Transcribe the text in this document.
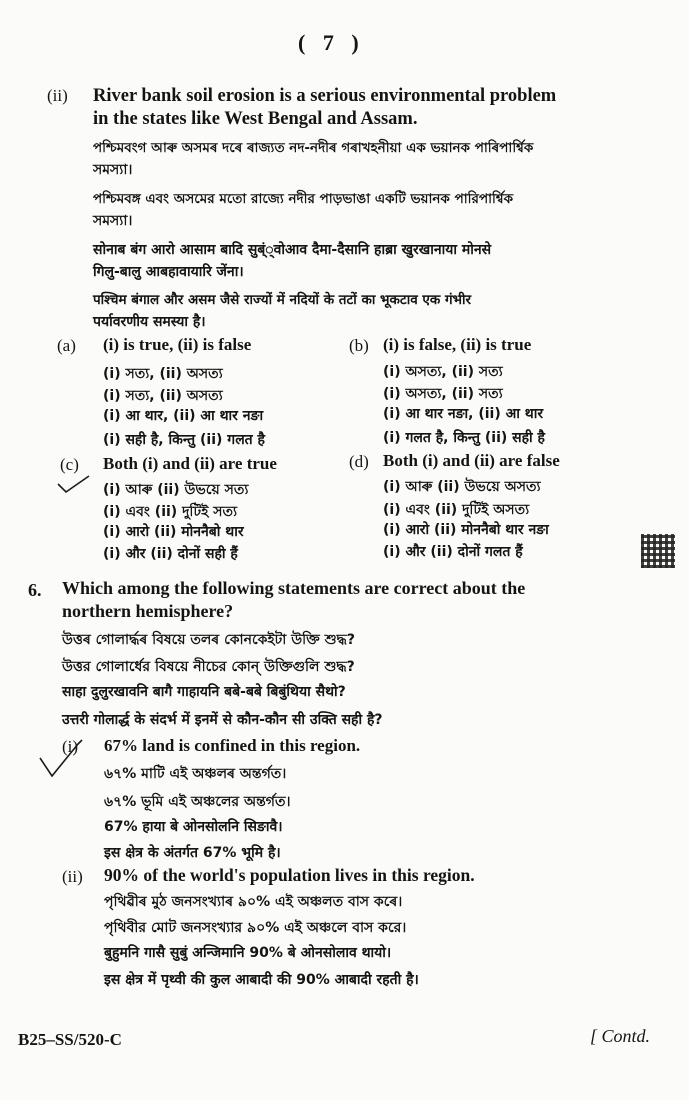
( 7 )
(ii) River bank soil erosion is a serious environmental problem
in the states like West Bengal and Assam.
পশ্চিমবংগ আৰু অসমৰ দৰে ৰাজ্যত নদ-নদীৰ গৰাখহনীয়া এক ভয়ানক পাৰিপাৰ্শ্বিক
সমস্যা।
পশ্চিমবঙ্গ এবং অসমের মতো রাজ্যে নদীর পাড়ভাঙা একটি ভয়ানক পারিপার্শ্বিক
সমস্যা।
सोनाब बंग आरो आसाम बादि सुब्ं्‍वोआव दैमा-दैसानि हाब्रा खुरखानाया मोनसे
गिलु-बालु आबहावायारि जेंना।
पश्चिम बंगाल और असम जैसे राज्यों में नदियों के तटों का भूकटाव एक गंभीर
पर्यावरणीय समस्या है।
(a) (i) is true, (ii) is false
(i) সত্য, (ii) অসত্য
(i) সত্য, (ii) অসত্য
(i) आ थार, (ii) आ थार नङा
(i) सही है, किन्तु (ii) गलत है
(b) (i) is false, (ii) is true
(i) অসত্য, (ii) সত্য
(i) অসত্য, (ii) সত্য
(i) आ थार नङा, (ii) आ थार
(i) गलत है, किन्तु (ii) सही है
(c) Both (i) and (ii) are true
(i) আৰু (ii) উভয়ে সত্য
(i) এবং (ii) দুটিই সত্য
(i) आरो (ii) मोननैबो थार
(i) और (ii) दोनों सही हैं
(d) Both (i) and (ii) are false
(i) আৰু (ii) উভয়ে অসত্য
(i) এবং (ii) দুটিই অসত্য
(i) आरो (ii) मोननैबो थार नङा
(i) और (ii) दोनों गलत हैं
6. Which among the following statements are correct about the
northern hemisphere?
উত্তৰ গোলাৰ্দ্ধৰ বিষয়ে তলৰ কোনকেইটা উক্তি শুদ্ধ?
উত্তর গোলার্ধের বিষয়ে নীচের কোন্ উক্তিগুলি শুদ্ধ?
साहा दुलुरखावनि बागै गाहायनि बबे-बबे बिबुंथिया सैथो?
उत्तरी गोलार्द्ध के संदर्भ में इनमें से कौन-कौन सी उक्ति सही है?
(i) 67% land is confined in this region.
৬৭% মাটি এই অঞ্চলৰ অন্তৰ্গত।
৬৭% ভূমি এই অঞ্চলের অন্তর্গত।
67% हाया बे ओनसोलनि सिङावै।
इस क्षेत्र के अंतर्गत 67% भूमि है।
(ii) 90% of the world's population lives in this region.
পৃথিৱীৰ মুঠ জনসংখ্যাৰ ৯০% এই অঞ্চলত বাস কৰে।
পৃথিবীর মোট জনসংখ্যার ৯০% এই অঞ্চলে বাস করে।
बुहुमनि गासै सुबुं अन्जिमानि 90% बे ओनसोलाव थायो।
इस क्षेत्र में पृथ्वी की कुल आबादी की 90% आबादी रहती है।
B25–SS/520-C	[ Contd.
